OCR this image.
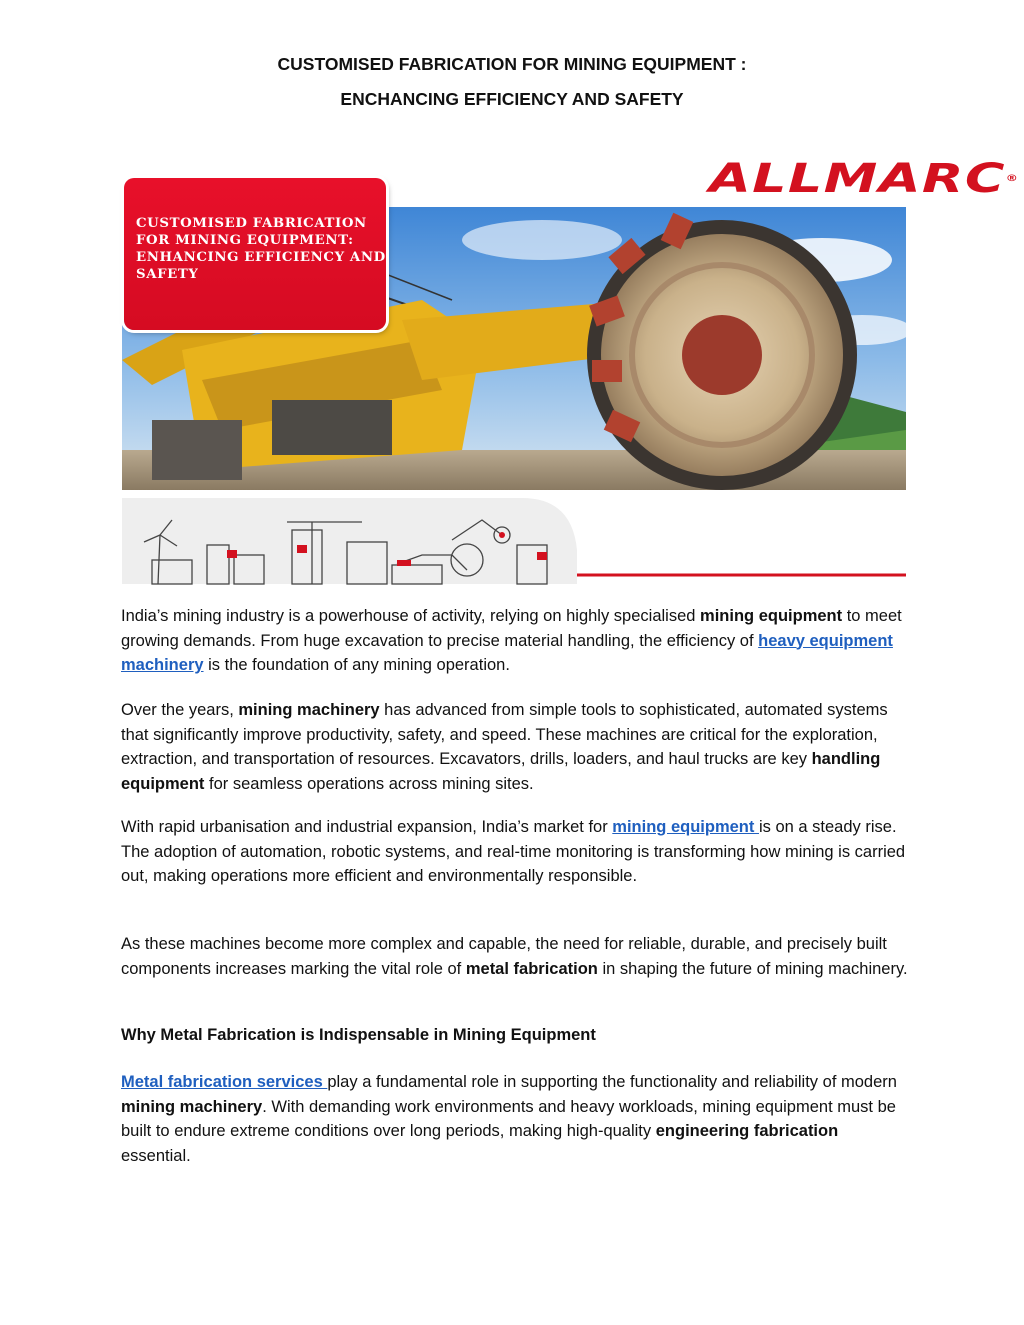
CUSTOMISED FABRICATION FOR MINING EQUIPMENT :
ENCHANCING EFFICIENCY AND SAFETY
CUSTOMISED FABRICATION
FOR MINING EQUIPMENT:
ENHANCING EFFICIENCY AND
SAFETY
ALLMARC®
India’s mining industry is a powerhouse of activity, relying on highly specialised mining equipment to meet growing demands. From huge excavation to precise material handling, the efficiency of heavy equipment machinery is the foundation of any mining operation.
Over the years, mining machinery has advanced from simple tools to sophisticated, automated systems that significantly improve productivity, safety, and speed. These machines are critical for the exploration, extraction, and transportation of resources. Excavators, drills, loaders, and haul trucks are key handling equipment for seamless operations across mining sites.
With rapid urbanisation and industrial expansion, India’s market for mining equipment is on a steady rise. The adoption of automation, robotic systems, and real-time monitoring is transforming how mining is carried out, making operations more efficient and environmentally responsible.
As these machines become more complex and capable, the need for reliable, durable, and precisely built components increases marking the vital role of metal fabrication in shaping the future of mining machinery.
Why Metal Fabrication is Indispensable in Mining Equipment
Metal fabrication services play a fundamental role in supporting the functionality and reliability of modern mining machinery. With demanding work environments and heavy workloads, mining equipment must be built to endure extreme conditions over long periods, making high-quality engineering fabrication essential.
